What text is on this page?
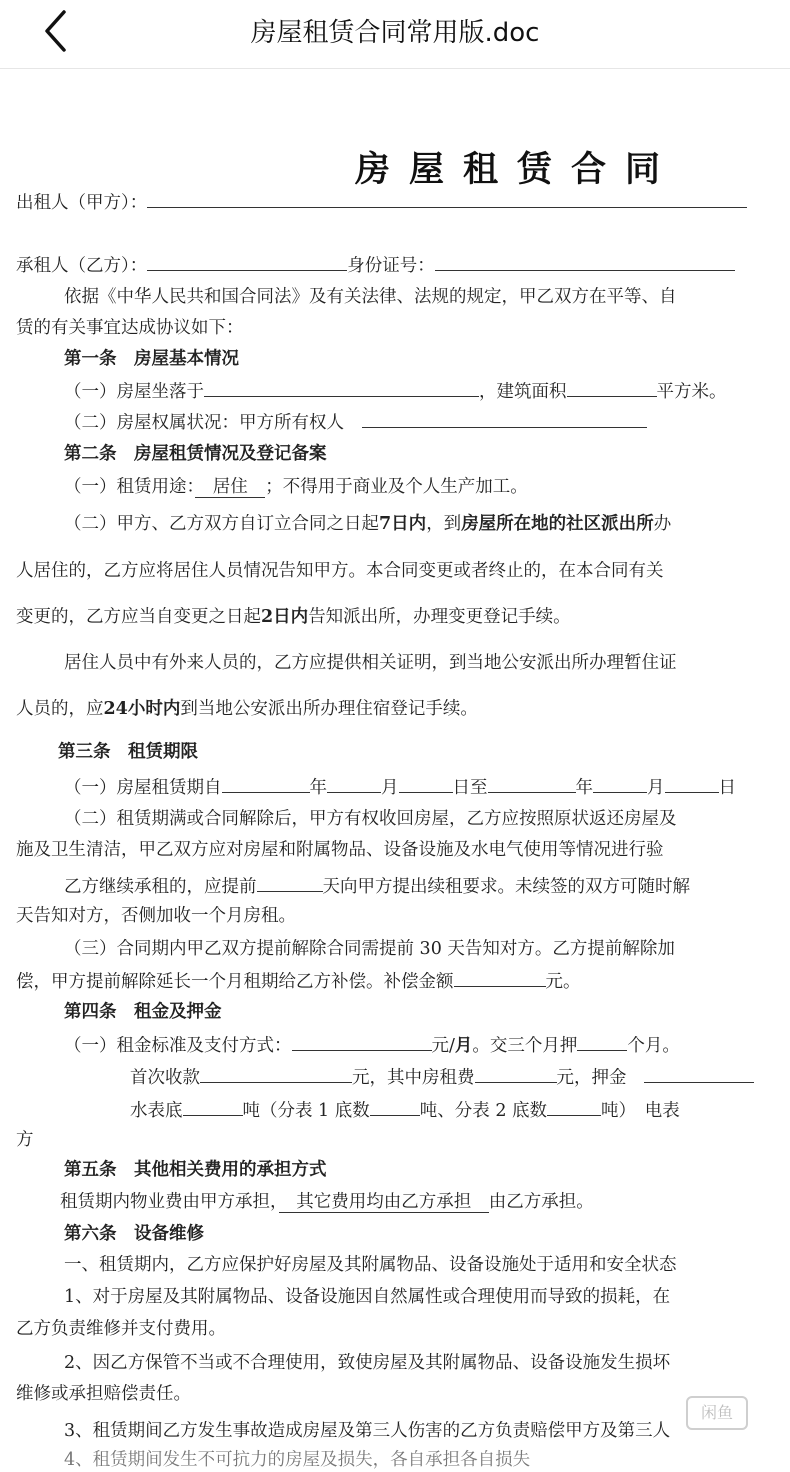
房屋租赁合同常用版.doc
房屋租赁合同
出租人（甲方）：
承租人（乙方）：	身份证号：
依据《中华人民共和国合同法》及有关法律、法规的规定，甲乙双方在平等、自
赁的有关事宜达成协议如下：
第一条　房屋基本情况
（一）房屋坐落于	，建筑面积	平方米。
（二）房屋权属状况：甲方所有权人　
第二条　房屋租赁情况及登记备案
（一）租赁用途：　居住　；不得用于商业及个人生产加工。
（二）甲方、乙方双方自订立合同之日起7日内，到房屋所在地的社区派出所办
人居住的，乙方应将居住人员情况告知甲方。本合同变更或者终止的，在本合同有关
变更的，乙方应当自变更之日起2日内告知派出所，办理变更登记手续。
居住人员中有外来人员的，乙方应提供相关证明，到当地公安派出所办理暂住证
人员的，应24小时内到当地公安派出所办理住宿登记手续。
第三条　租赁期限
（一）房屋租赁期自	年	月	日至	年	月	日
（二）租赁期满或合同解除后，甲方有权收回房屋，乙方应按照原状返还房屋及
施及卫生清洁，甲乙双方应对房屋和附属物品、设备设施及水电气使用等情况进行验
乙方继续承租的，应提前	天向甲方提出续租要求。未续签的双方可随时解
天告知对方，否侧加收一个月房租。
（三）合同期内甲乙双方提前解除合同需提前 30 天告知对方。乙方提前解除加
偿，甲方提前解除延长一个月租期给乙方补偿。补偿金额	元。
第四条　租金及押金
（一）租金标准及支付方式：	元/月。交三个月押	个月。
首次收款	元，其中房租费	元，押金　
水表底	吨（分表 1 底数	吨、分表 2 底数	吨）　电表
方
第五条　其他相关费用的承担方式
租赁期内物业费由甲方承担，　其它费用均由乙方承担　由乙方承担。
第六条　设备维修
一、租赁期内，乙方应保护好房屋及其附属物品、设备设施处于适用和安全状态
1、对于房屋及其附属物品、设备设施因自然属性或合理使用而导致的损耗，在
乙方负责维修并支付费用。
2、因乙方保管不当或不合理使用，致使房屋及其附属物品、设备设施发生损坏
维修或承担赔偿责任。
3、租赁期间乙方发生事故造成房屋及第三人伤害的乙方负责赔偿甲方及第三人
4、租赁期间发生不可抗力的房屋及损失，各自承担各自损失
闲鱼
